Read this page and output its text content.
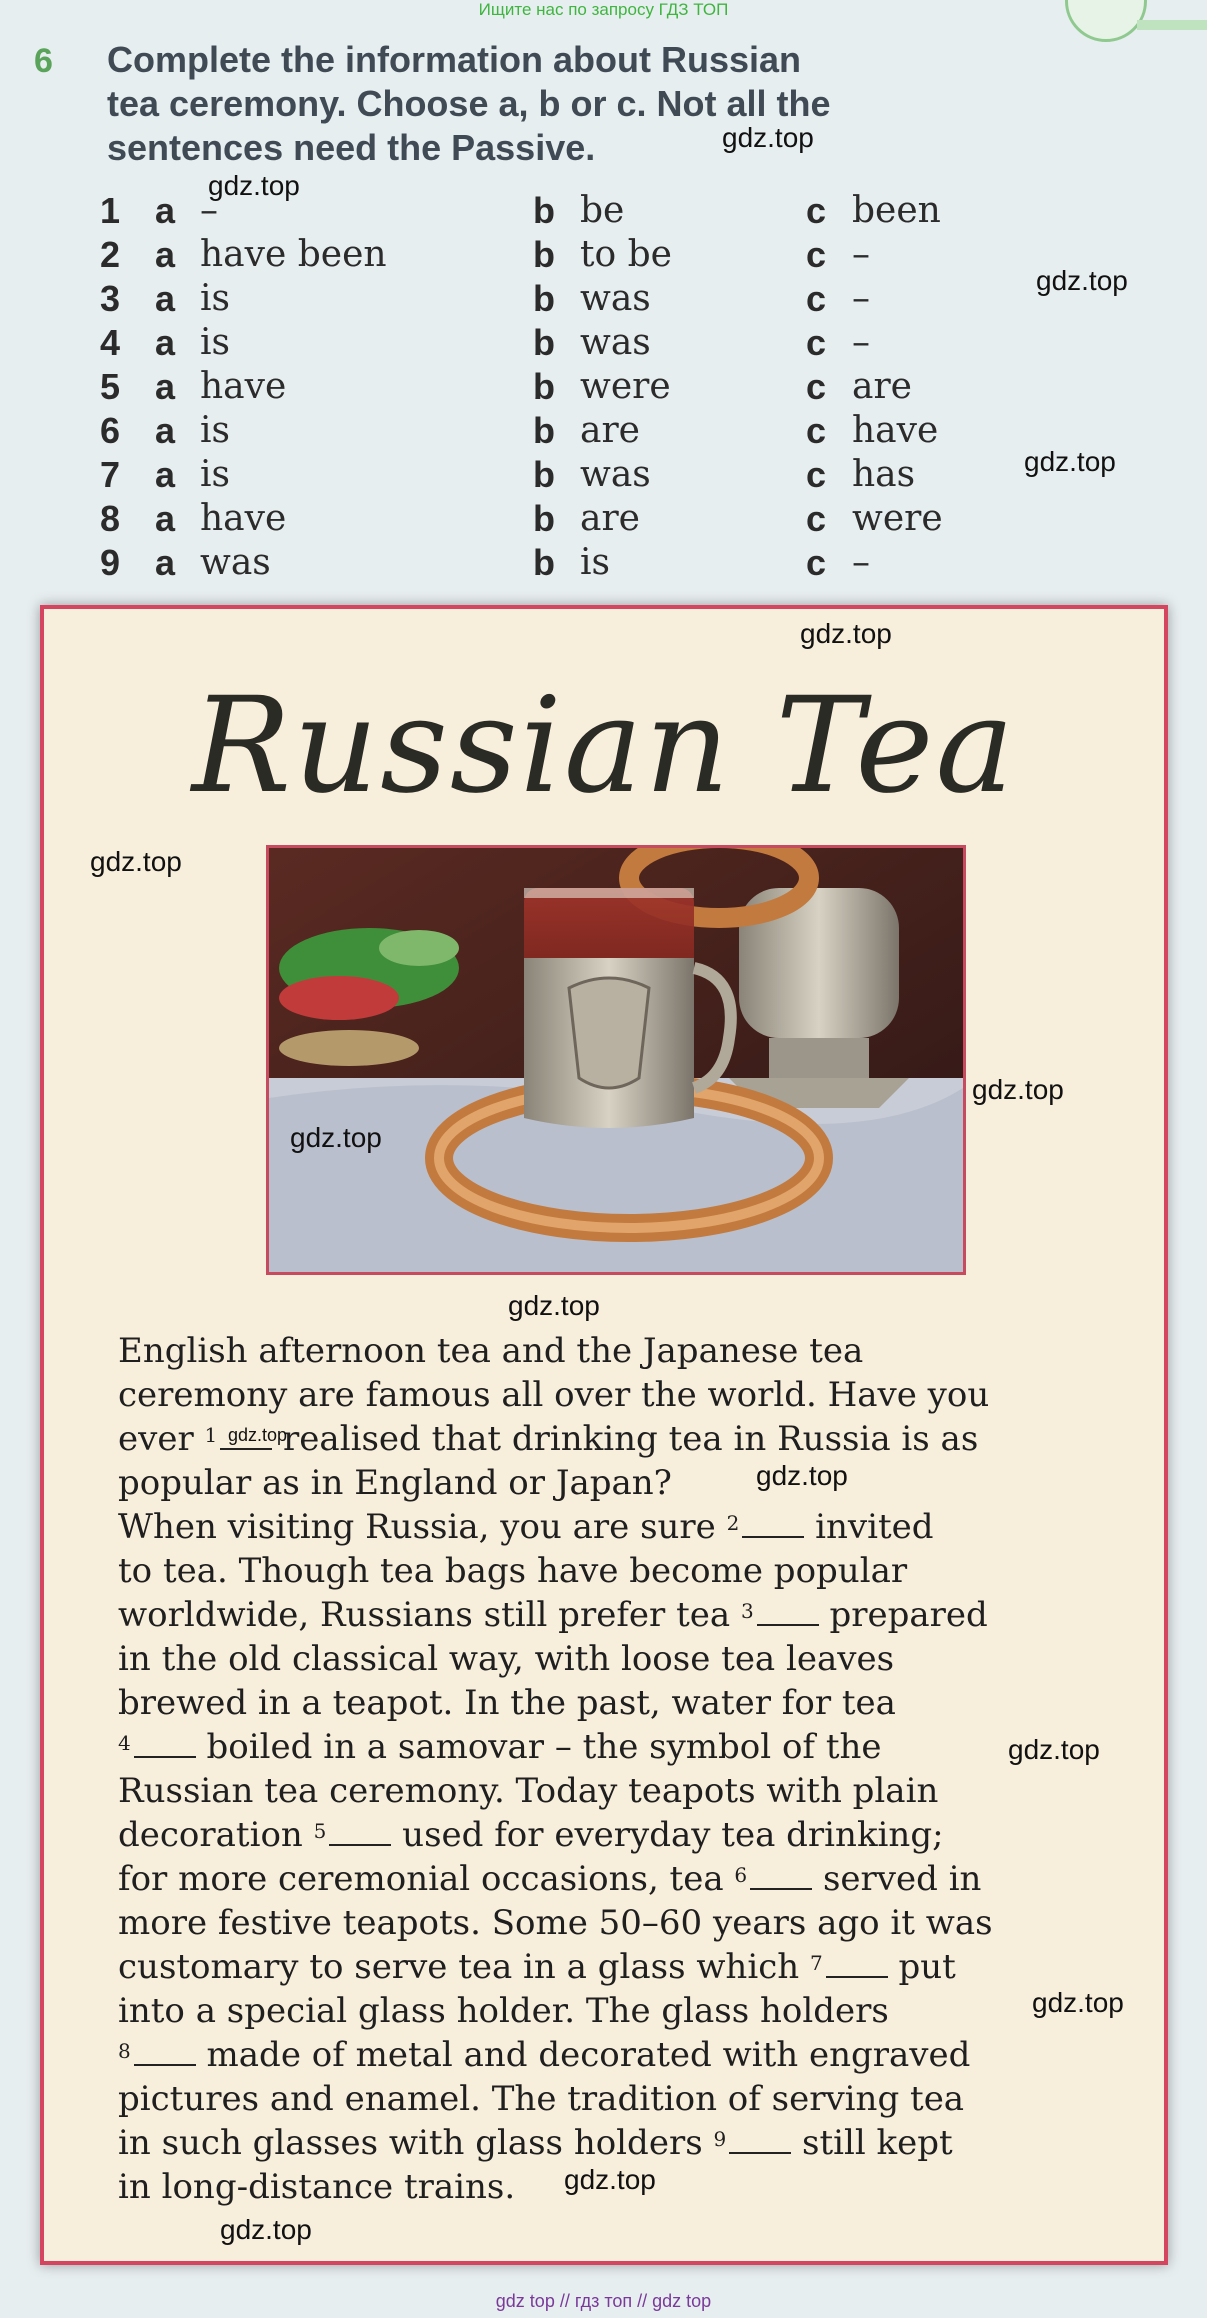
Ищите нас по запросу ГДЗ ТОП
6 Complete the information about Russian
tea ceremony. Choose a, b or c. Not all the
sentences need the Passive.
1 a –	b be	c been
2 a have been	b to be	c –
3 a is	b was	c –
4 a is	b was	c –
5 a have	b were	c are
6 a is	b are	c have
7 a is	b was	c has
8 a have	b are	c were
9 a was	b is	c –
Russian Tea

English afternoon tea and the Japanese tea

ceremony are famous all over the world. Have you

ever $^1$ realised that drinking tea in Russia is as

popular as in England or Japan?

When visiting Russia, you are sure $^2$ invited

to tea. Though tea bags have become popular

worldwide, Russians still prefer tea $^3$ prepared

in the old classical way, with loose tea leaves

brewed in a teapot. In the past, water for tea

$^4$ boiled in a samovar – the symbol of the

Russian tea ceremony. Today teapots with plain

decoration $^5$ used for everyday tea drinking;

for more ceremonial occasions, tea $^6$ served in

more festive teapots. Some 50–60 years ago it was

customary to serve tea in a glass which $^7$ put

into a special glass holder. The glass holders

$^8$ made of metal and decorated with engraved

pictures and enamel. The tradition of serving tea

in such glasses with glass holders $^9$ still kept

in long-distance trains.

gdz.top
gdz.top
gdz.top
gdz.top
gdz.top
gdz.top
gdz.top
gdz.top
gdz.top
gdz.top
gdz.top
gdz.top
gdz.top
gdz.top
gdz.top
gdz top // гдз топ // gdz top
